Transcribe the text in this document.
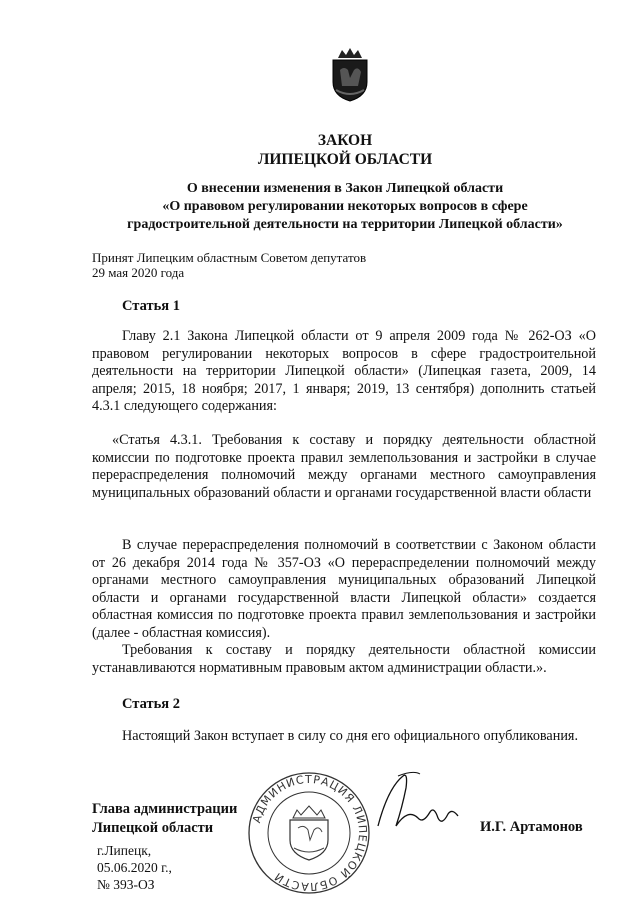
ЗАКОН
ЛИПЕЦКОЙ ОБЛАСТИ
О внесении изменения в Закон Липецкой области
«О правовом регулировании некоторых вопросов в сфере
градостроительной деятельности на территории Липецкой области»
Принят Липецким областным Советом депутатов
29 мая 2020 года
Статья 1
Главу 2.1 Закона Липецкой области от 9 апреля 2009 года № 262-ОЗ «О правовом регулировании некоторых вопросов в сфере градостроительной деятельности на территории Липецкой области» (Липецкая газета, 2009, 14 апреля; 2015, 18 ноября; 2017, 1 января; 2019, 13 сентября) дополнить статьей 4.3.1 следующего содержания:
«Статья 4.3.1. Требования к составу и порядку деятельности областной комиссии по подготовке проекта правил землепользования и застройки в случае перераспределения полномочий между органами местного самоуправления муниципальных образований области и органами государственной власти области
В случае перераспределения полномочий в соответствии с Законом области от 26 декабря 2014 года № 357-ОЗ «О перераспределении полномочий между органами местного самоуправления муниципальных образований Липецкой области и органами государственной власти Липецкой области» создается областная комиссия по подготовке проекта правил землепользования и застройки (далее - областная комиссия).
Требования к составу и порядку деятельности областной комиссии устанавливаются нормативным правовым актом администрации области.».
Статья 2
Настоящий Закон вступает в силу со дня его официального опубликования.
АДМИНИСТРАЦИЯ ЛИПЕЦКОЙ ОБЛАСТИ
Глава администрации
Липецкой области	И.Г. Артамонов
г.Липецк,
05.06.2020 г.,
№ 393-ОЗ
